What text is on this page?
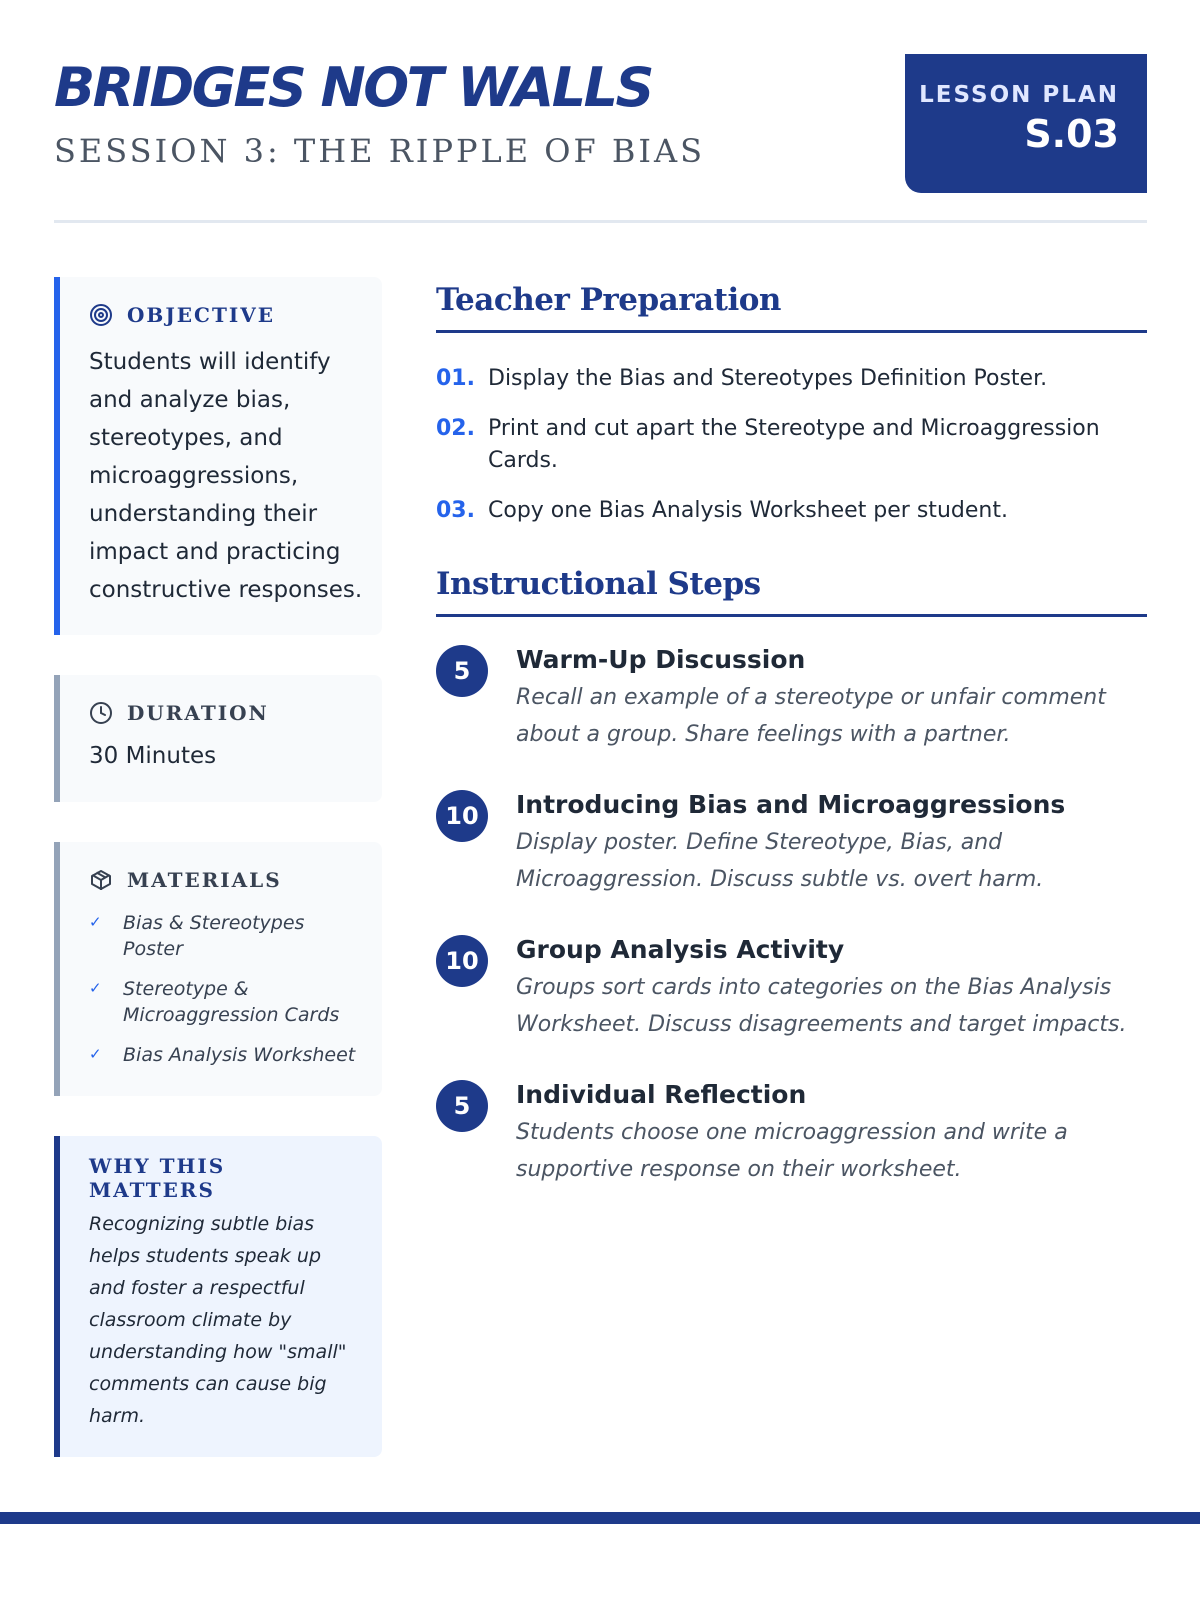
BRIDGES NOT WALLS
SESSION 3: THE RIPPLE OF BIAS
LESSON PLAN
S.03
OBJECTIVE

Students will identify and analyze bias, stereotypes, and microaggressions, understanding their impact and practicing constructive responses.

DURATION

30 Minutes

MATERIALS
✓	Bias & Stereotypes Poster
✓	Stereotype & Microaggression Cards
✓	Bias Analysis Worksheet
WHY THIS MATTERS

Recognizing subtle bias helps students speak up and foster a respectful classroom climate by understanding how "small" comments can cause big harm.

Teacher Preparation
01. Display the Bias and Stereotypes Definition Poster.
02. Print and cut apart the Stereotype and Microaggression Cards.
03. Copy one Bias Analysis Worksheet per student.
Instructional Steps
5	Warm-Up Discussion
Recall an example of a stereotype or unfair comment about a group. Share feelings with a partner.
10	Introducing Bias and Microaggressions
Display poster. Define Stereotype, Bias, and Microaggression. Discuss subtle vs. overt harm.
10	Group Analysis Activity
Groups sort cards into categories on the Bias Analysis Worksheet. Discuss disagreements and target impacts.
5	Individual Reflection
Students choose one microaggression and write a supportive response on their worksheet.
